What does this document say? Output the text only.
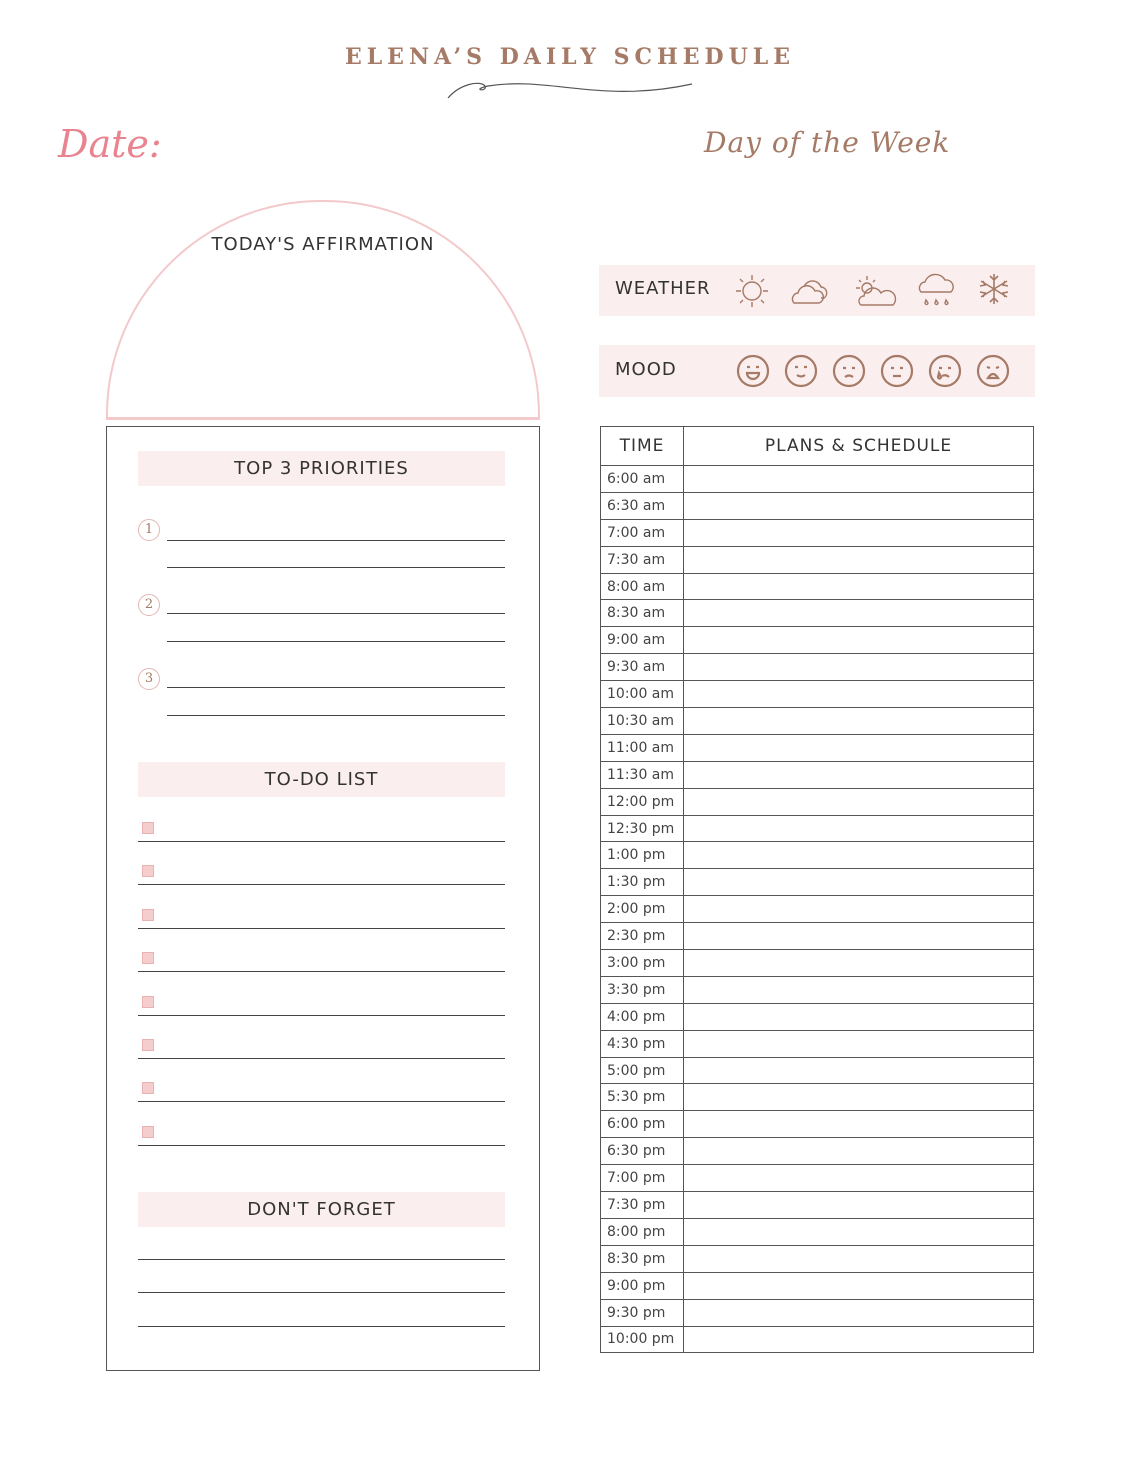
ELENA’S DAILY SCHEDULE
Date:	Day of the Week
TODAY'S AFFIRMATION
TOP 3 PRIORITIES
1
2
3
TO-DO LIST
DON'T FORGET
WEATHER
MOOD
TIME	PLANS & SCHEDULE
6:00 am	
6:30 am	
7:00 am	
7:30 am	
8:00 am	
8:30 am	
9:00 am	
9:30 am	
10:00 am	
10:30 am	
11:00 am	
11:30 am	
12:00 pm	
12:30 pm	
1:00 pm	
1:30 pm	
2:00 pm	
2:30 pm	
3:00 pm	
3:30 pm	
4:00 pm	
4:30 pm	
5:00 pm	
5:30 pm	
6:00 pm	
6:30 pm	
7:00 pm	
7:30 pm	
8:00 pm	
8:30 pm	
9:00 pm	
9:30 pm	
10:00 pm	
